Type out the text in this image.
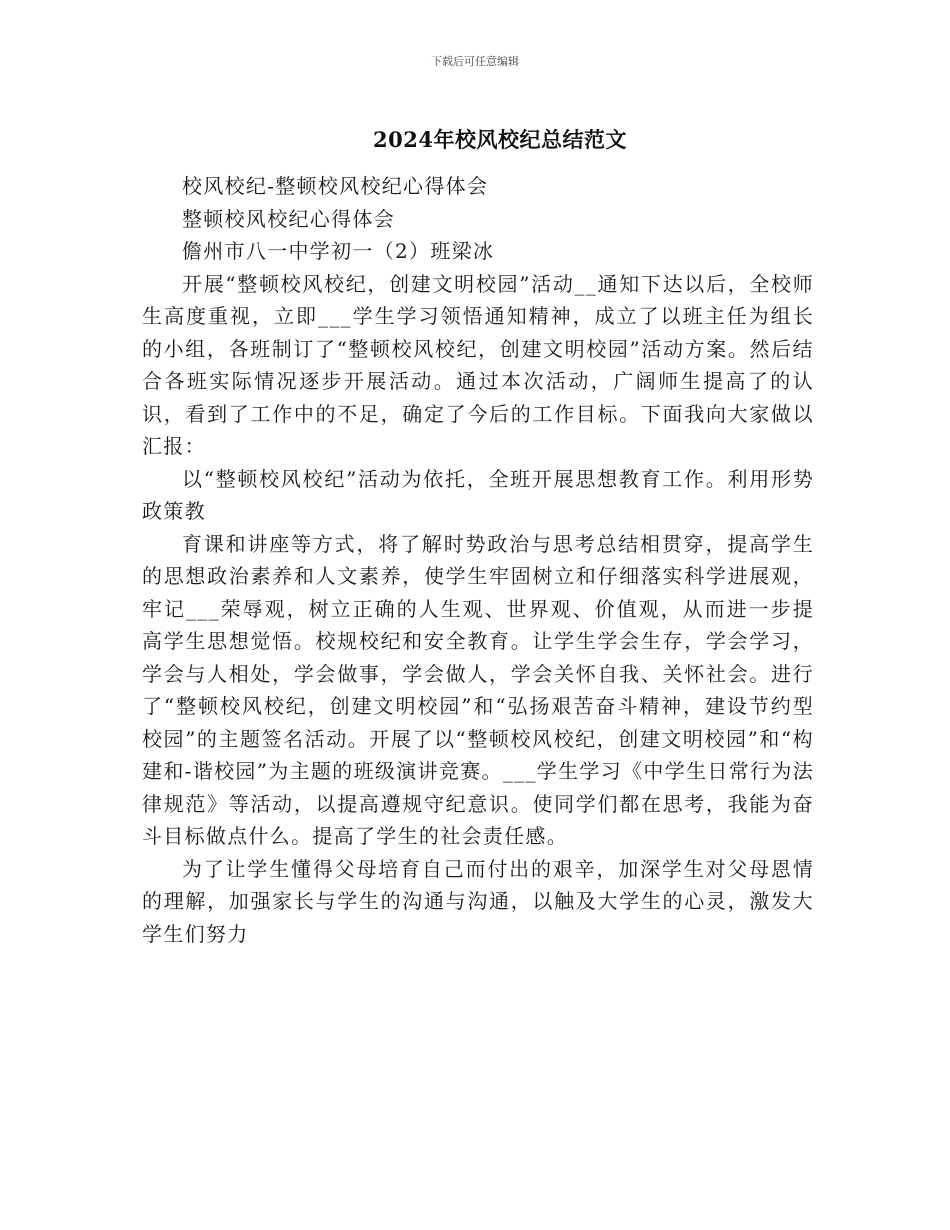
下载后可任意编辑
2024年校风校纪总结范文

校风校纪-整顿校风校纪心得体会

整顿校风校纪心得体会

儋州市八一中学初一（2）班梁冰

开展“整顿校风校纪，创建文明校园”活动__通知下达以后，全校师生高度重视，立即___学生学习领悟通知精神，成立了以班主任为组长的小组，各班制订了“整顿校风校纪，创建文明校园”活动方案。然后结合各班实际情况逐步开展活动。通过本次活动，广阔师生提高了的认识，看到了工作中的不足，确定了今后的工作目标。下面我向大家做以汇报：

以“整顿校风校纪”活动为依托，全班开展思想教育工作。利用形势政策教

育课和讲座等方式，将了解时势政治与思考总结相贯穿，提高学生的思想政治素养和人文素养，使学生牢固树立和仔细落实科学进展观，牢记___荣辱观，树立正确的人生观、世界观、价值观，从而进一步提高学生思想觉悟。校规校纪和安全教育。让学生学会生存，学会学习，学会与人相处，学会做事，学会做人，学会关怀自我、关怀社会。进行了“整顿校风校纪，创建文明校园”和“弘扬艰苦奋斗精神，建设节约型校园”的主题签名活动。开展了以“整顿校风校纪，创建文明校园”和“构建和-谐校园”为主题的班级演讲竞赛。___学生学习《中学生日常行为法律规范》等活动，以提高遵规守纪意识。使同学们都在思考，我能为奋斗目标做点什么。提高了学生的社会责任感。

为了让学生懂得父母培育自己而付出的艰辛，加深学生对父母恩情的理解，加强家长与学生的沟通与沟通，以触及大学生的心灵，激发大学生们努力
